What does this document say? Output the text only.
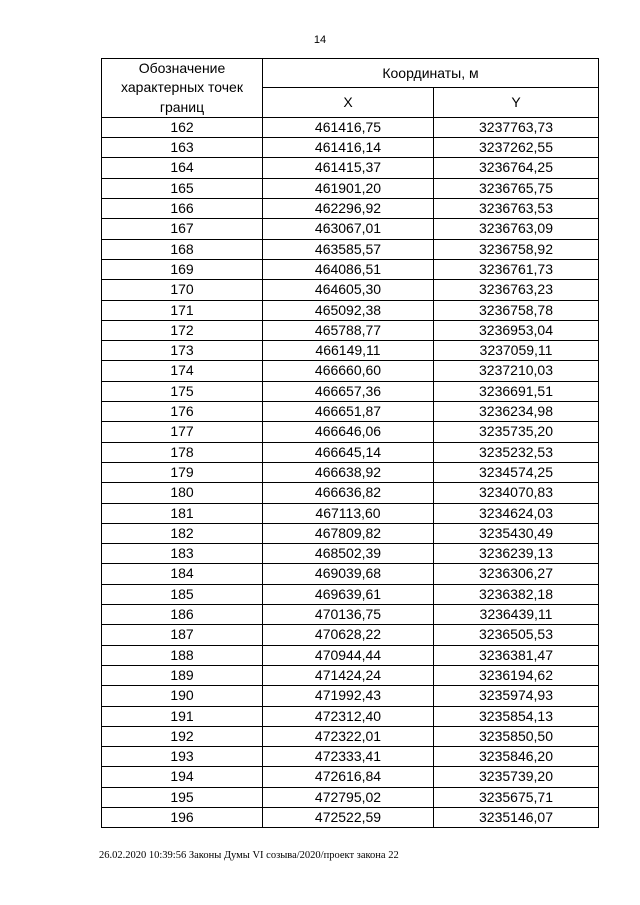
14
Обозначение характерных точек границ	Координаты, м	
	X	Y
162	461416,75	3237763,73
163	461416,14	3237262,55
164	461415,37	3236764,25
165	461901,20	3236765,75
166	462296,92	3236763,53
167	463067,01	3236763,09
168	463585,57	3236758,92
169	464086,51	3236761,73
170	464605,30	3236763,23
171	465092,38	3236758,78
172	465788,77	3236953,04
173	466149,11	3237059,11
174	466660,60	3237210,03
175	466657,36	3236691,51
176	466651,87	3236234,98
177	466646,06	3235735,20
178	466645,14	3235232,53
179	466638,92	3234574,25
180	466636,82	3234070,83
181	467113,60	3234624,03
182	467809,82	3235430,49
183	468502,39	3236239,13
184	469039,68	3236306,27
185	469639,61	3236382,18
186	470136,75	3236439,11
187	470628,22	3236505,53
188	470944,44	3236381,47
189	471424,24	3236194,62
190	471992,43	3235974,93
191	472312,40	3235854,13
192	472322,01	3235850,50
193	472333,41	3235846,20
194	472616,84	3235739,20
195	472795,02	3235675,71
196	472522,59	3235146,07
26.02.2020 10:39:56 Законы Думы VI созыва/2020/проект закона 22
